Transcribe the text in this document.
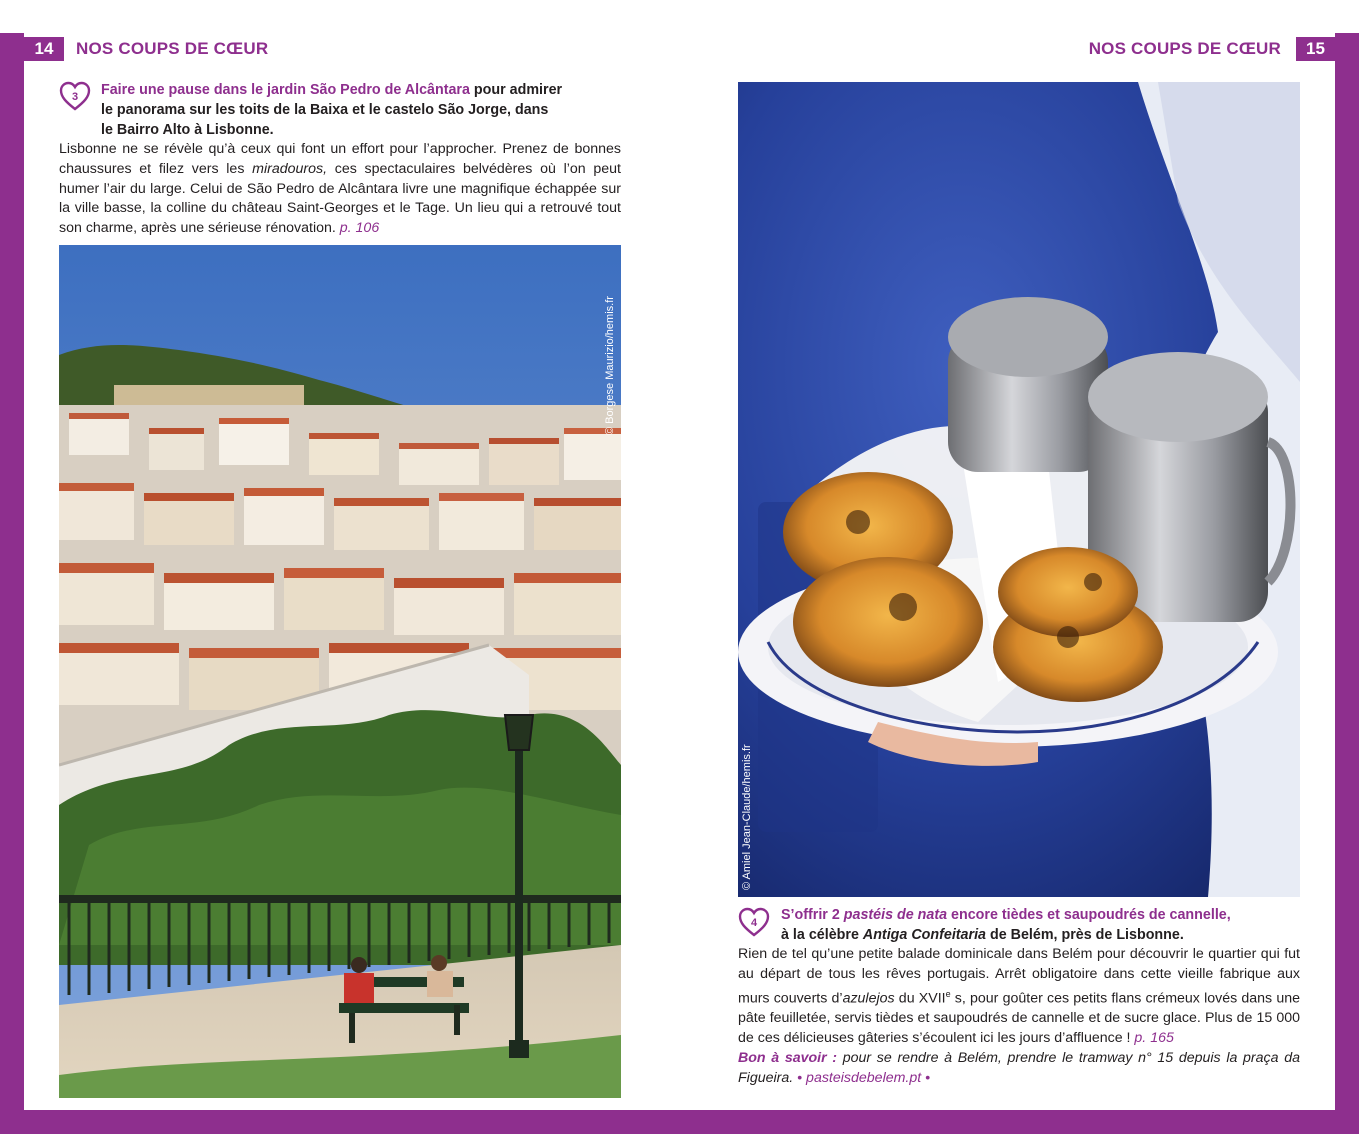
14	NOS COUPS DE CŒUR	NOS COUPS DE CŒUR	15
3 Faire une pause dans le jardin São Pedro de Alcântara pour admirer
le panorama sur les toits de la Baixa et le castelo São Jorge, dans
le Bairro Alto à Lisbonne.
Lisbonne ne se révèle qu’à ceux qui font un effort pour l’approcher. Prenez de bonnes chaussures et filez vers les miradouros, ces spectaculaires belvédères où l’on peut humer l’air du large. Celui de São Pedro de Alcântara livre une magnifique échappée sur la ville basse, la colline du château Saint-Georges et le Tage. Un lieu qui a retrouvé tout son charme, après une sérieuse rénovation. p. 106
© Borgese Maurizio/hemis.fr
© Amiel Jean-Claude/hemis.fr
4 S’offrir 2 pastéis de nata encore tièdes et saupoudrés de cannelle,
à la célèbre Antiga Confeitaria de Belém, près de Lisbonne.
Rien de tel qu’une petite balade dominicale dans Belém pour découvrir le quartier qui fut au départ de tous les rêves portugais. Arrêt obligatoire dans cette vieille fabrique aux murs couverts d’azulejos du XVIIe s, pour goûter ces petits flans crémeux lovés dans une pâte feuilletée, servis tièdes et saupoudrés de cannelle et de sucre glace. Plus de 15 000 de ces délicieuses gâteries s’écoulent ici les jours d’affluence ! p. 165
Bon à savoir : pour se rendre à Belém, prendre le tramway n° 15 depuis la praça da Figueira. • pasteisdebelem.pt •
